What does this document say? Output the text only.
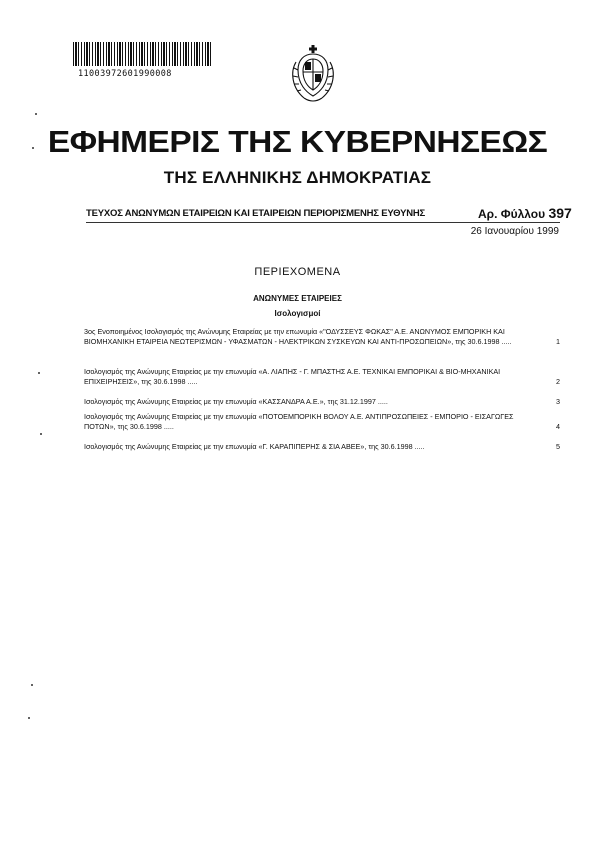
11003972601990008
ΕΦΗΜΕΡΙΣ ΤΗΣ ΚΥΒΕΡΝΗΣΕΩΣ
ΤΗΣ ΕΛΛΗΝΙΚΗΣ ΔΗΜΟΚΡΑΤΙΑΣ
ΤΕΥΧΟΣ ΑΝΩΝΥΜΩΝ ΕΤΑΙΡΕΙΩΝ ΚΑΙ ΕΤΑΙΡΕΙΩΝ ΠΕΡΙΟΡΙΣΜΕΝΗΣ ΕΥΘΥΝΗΣ	Αρ. Φύλλου 397
26 Ιανουαρίου 1999
ΠΕΡΙΕΧΟΜΕΝΑ
ΑΝΩΝΥΜΕΣ ΕΤΑΙΡΕΙΕΣ
Ισολογισμοί
3ος Ενοποιημένος Ισολογισμός της Ανώνυμης Εταιρείας με την επωνυμία «"ΟΔΥΣΣΕΥΣ ΦΩΚΑΣ" Α.Ε. ΑΝΩΝΥΜΟΣ ΕΜΠΟΡΙΚΗ ΚΑΙ ΒΙΟΜΗΧΑΝΙΚΗ ΕΤΑΙΡΕΙΑ ΝΕΩΤΕΡΙΣΜΩΝ - ΥΦΑΣΜΑΤΩΝ - ΗΛΕΚΤΡΙΚΩΝ ΣΥΣΚΕΥΩΝ ΚΑΙ ΑΝΤΙ-ΠΡΟΣΩΠΕΙΩΝ», της 30.6.1998 .....	1
Ισολογισμός της Ανώνυμης Εταιρείας με την επωνυμία «Α. ΛΙΑΠΗΣ - Γ. ΜΠΑΣΤΗΣ Α.Ε. ΤΕΧΝΙΚΑΙ ΕΜΠΟΡΙΚΑΙ & ΒΙΟ-ΜΗΧΑΝΙΚΑΙ ΕΠΙΧΕΙΡΗΣΕΙΣ», της 30.6.1998 .....	2
Ισολογισμός της Ανώνυμης Εταιρείας με την επωνυμία «ΚΑΣΣΑΝΔΡΑ Α.Ε.», της 31.12.1997 .....	3
Ισολογισμός της Ανώνυμης Εταιρείας με την επωνυμία «ΠΟΤΟΕΜΠΟΡΙΚΗ ΒΟΛΟΥ Α.Ε. ΑΝΤΙΠΡΟΣΩΠΕΙΕΣ - ΕΜΠΟΡΙΟ - ΕΙΣΑΓΩΓΕΣ ΠΟΤΩΝ», της 30.6.1998 .....	4
Ισολογισμός της Ανώνυμης Εταιρείας με την επωνυμία «Γ. ΚΑΡΑΠΙΠΕΡΗΣ & ΣΙΑ ΑΒΕΕ», της 30.6.1998 .....	5
